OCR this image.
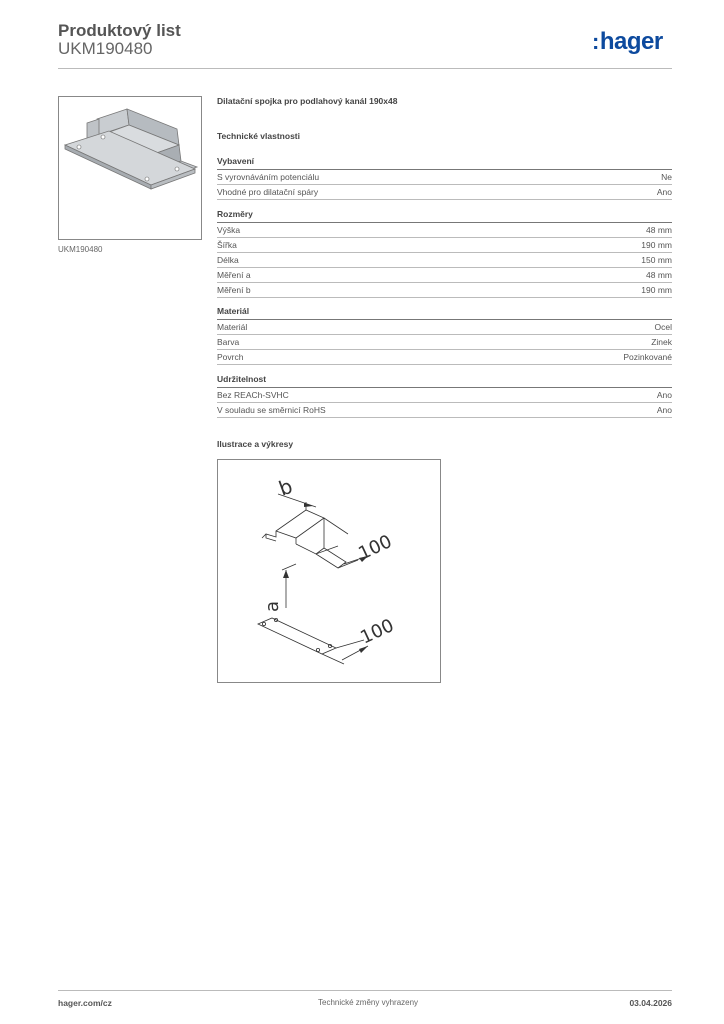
Produktový list
UKM190480	:hager
UKM190480
Dilatační spojka pro podlahový kanál 190x48
Technické vlastnosti
Vybavení
S vyrovnáváním potenciálu	Ne
Vhodné pro dilatační spáry	Ano
Rozměry
Výška	48 mm
Šířka	190 mm
Délka	150 mm
Měření a	48 mm
Měření b	190 mm
Materiál
Materiál	Ocel
Barva	Zinek
Povrch	Pozinkované
Udržitelnost
Bez REACh-SVHC	Ano
V souladu se směrnicí RoHS	Ano
Ilustrace a výkresy
b
100
a
100
hager.com/cz	Technické změny vyhrazeny	03.04.2026
